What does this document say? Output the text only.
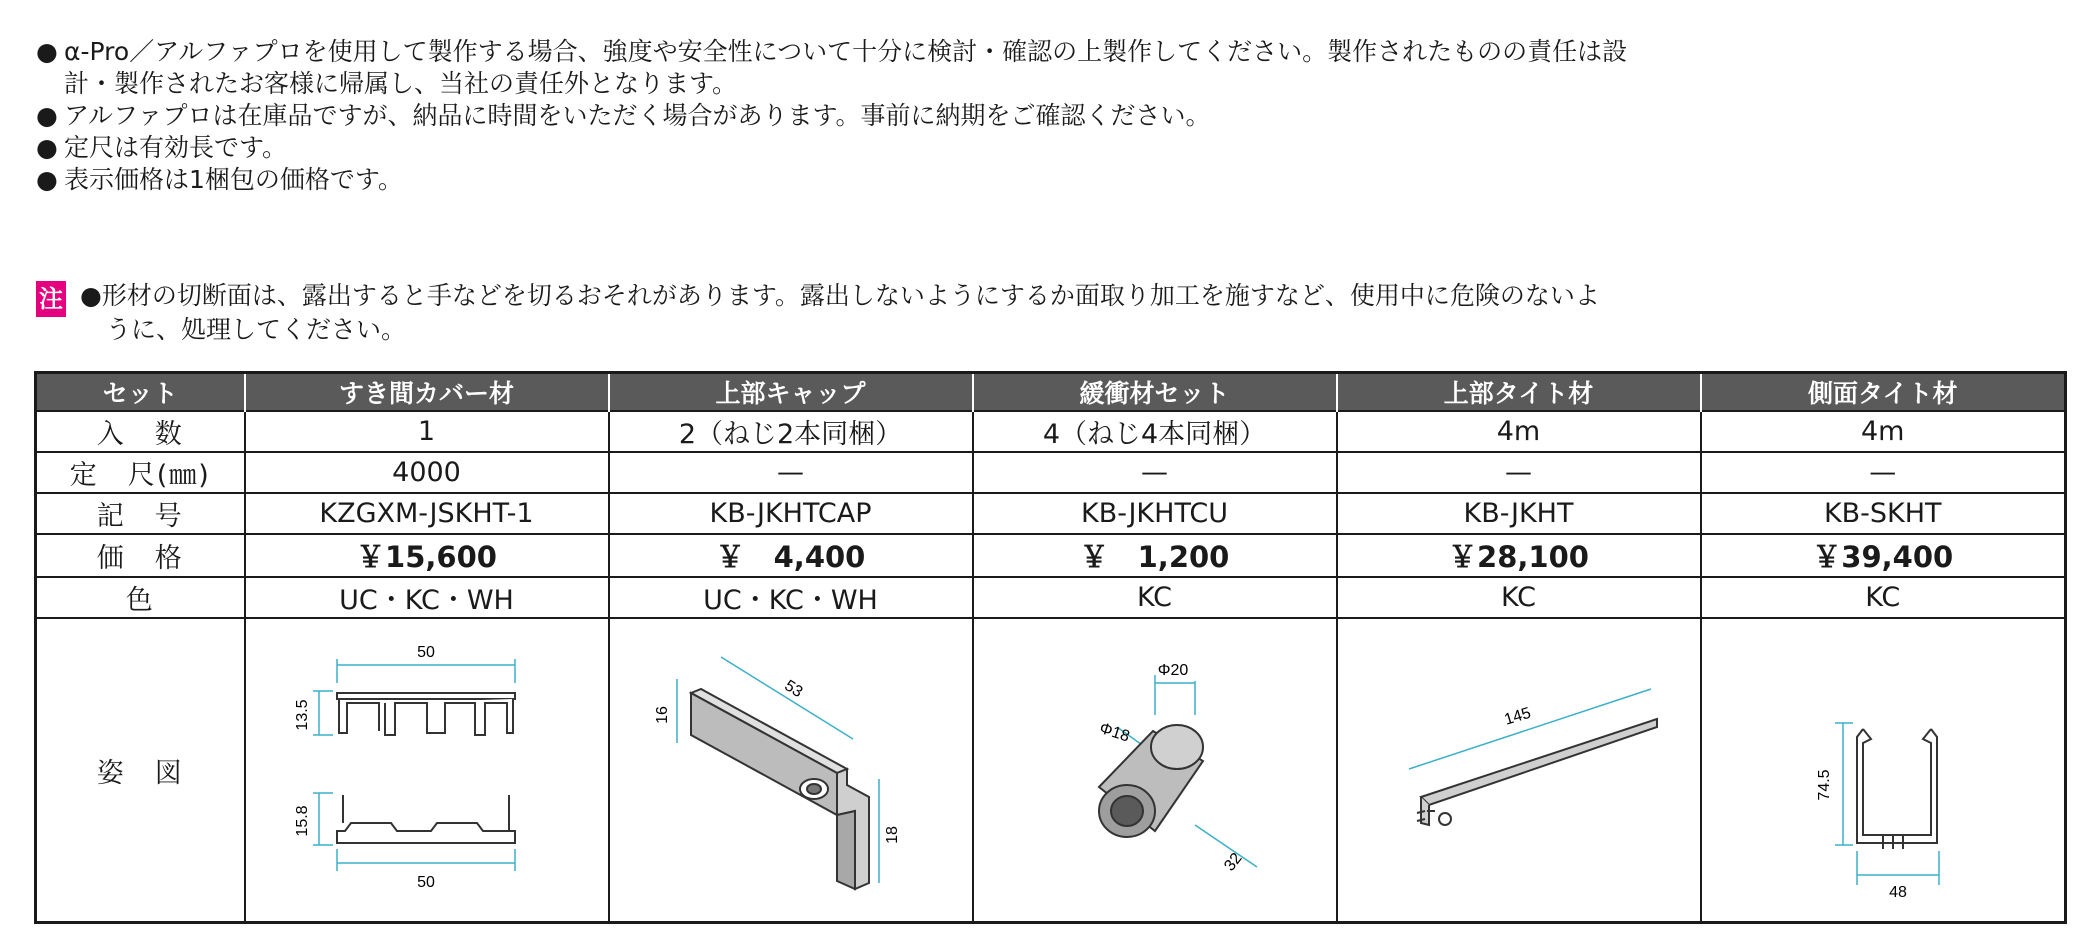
● α-Pro／アルファプロを使用して製作する場合、強度や安全性について十分に検討・確認の上製作してください。製作されたものの責任は設

計・製作されたお客様に帰属し、当社の責任外となります。

● アルファプロは在庫品ですが、納品に時間をいただく場合があります。事前に納期をご確認ください。

● 定尺は有効長です。

● 表示価格は1梱包の価格です。

注 ●形材の切断面は、露出すると手などを切るおそれがあります。露出しないようにするか面取り加工を施すなど、使用中に危険のないよ
うに、処理してください。
セット	すき間カバー材	上部キャップ	緩衝材セット	上部タイト材	側面タイト材
入　数	1	2（ねじ2本同梱）	4（ねじ4本同梱）	4m	4m
定　尺(㎜)	4000	—	—	—	—
記　号	KZGXM-JSKHT-1	KB-JKHTCAP	KB-JKHTCU	KB-JKHT	KB-SKHT
価　格	￥15,600	￥　4,400	￥　1,200	￥28,100	￥39,400
色	UC・KC・WH	UC・KC・WH	KC	KC	KC
姿　図	50
13.5
15.8
50	16
53
18	Φ20
Φ18
32	145	74.5
48
